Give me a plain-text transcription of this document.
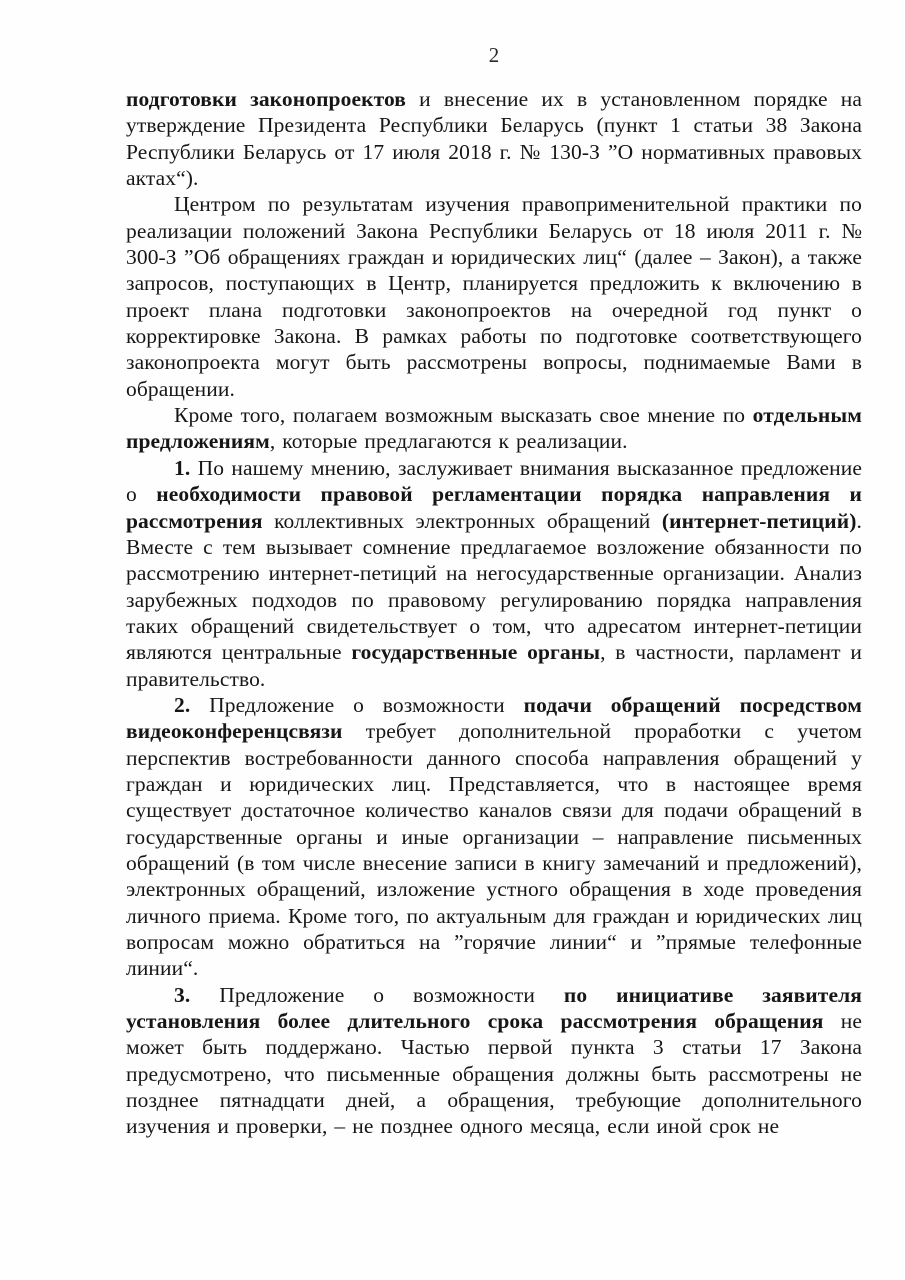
2

подготовки законопроектов и внесение их в установленном порядке на утверждение Президента Республики Беларусь (пункт 1 статьи 38 Закона Республики Беларусь от 17 июля 2018 г. № 130-З ”О нормативных правовых актах“).

Центром по результатам изучения правоприменительной практики по реализации положений Закона Республики Беларусь от 18 июля 2011 г. № 300-З ”Об обращениях граждан и юридических лиц“ (далее – Закон), а также запросов, поступающих в Центр, планируется предложить к включению в проект плана подготовки законопроектов на очередной год пункт о корректировке Закона. В рамках работы по подготовке соответствующего законопроекта могут быть рассмотрены вопросы, поднимаемые Вами в обращении.

Кроме того, полагаем возможным высказать свое мнение по отдельным предложениям, которые предлагаются к реализации.

1. По нашему мнению, заслуживает внимания высказанное предложение о необходимости правовой регламентации порядка направления и рассмотрения коллективных электронных обращений (интернет-петиций). Вместе с тем вызывает сомнение предлагаемое возложение обязанности по рассмотрению интернет-петиций на негосударственные организации. Анализ зарубежных подходов по правовому регулированию порядка направления таких обращений свидетельствует о том, что адресатом интернет-петиции являются центральные государственные органы, в частности, парламент и правительство.

2. Предложение о возможности подачи обращений посредством видеоконференцсвязи требует дополнительной проработки с учетом перспектив востребованности данного способа направления обращений у граждан и юридических лиц. Представляется, что в настоящее время существует достаточное количество каналов связи для подачи обращений в государственные органы и иные организации – направление письменных обращений (в том числе внесение записи в книгу замечаний и предложений), электронных обращений, изложение устного обращения в ходе проведения личного приема. Кроме того, по актуальным для граждан и юридических лиц вопросам можно обратиться на ”горячие линии“ и ”прямые телефонные линии“.

3. Предложение о возможности по инициативе заявителя установления более длительного срока рассмотрения обращения не может быть поддержано. Частью первой пункта 3 статьи 17 Закона предусмотрено, что письменные обращения должны быть рассмотрены не позднее пятнадцати дней, а обращения, требующие дополнительного изучения и проверки, – не позднее одного месяца, если иной срок не
